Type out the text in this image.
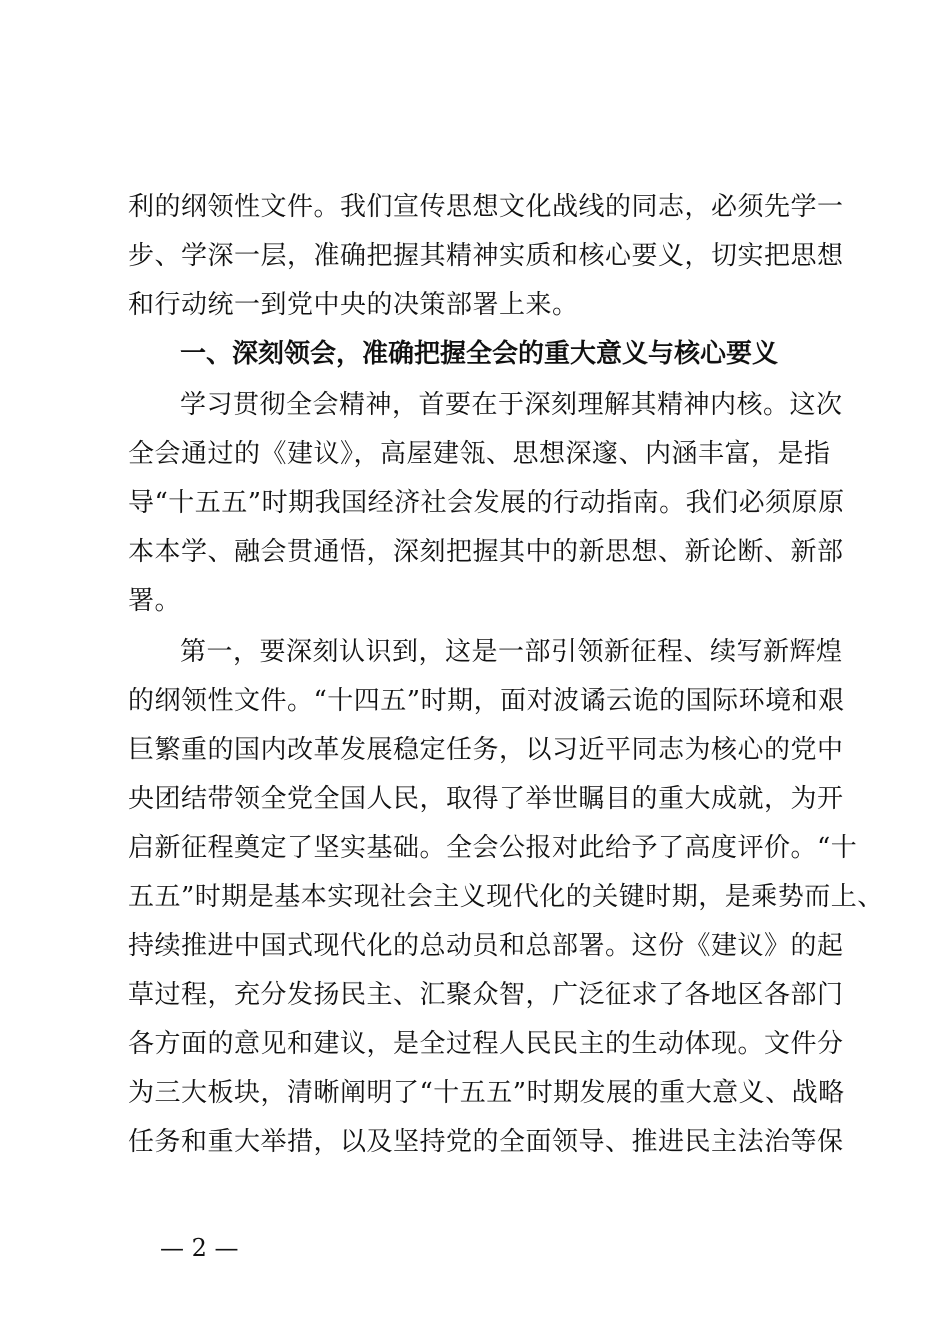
利的纲领性文件。我们宣传思想文化战线的同志，必须先学一
步、学深一层，准确把握其精神实质和核心要义，切实把思想
和行动统一到党中央的决策部署上来。
一、深刻领会，准确把握全会的重大意义与核心要义
学习贯彻全会精神，首要在于深刻理解其精神内核。这次
全会通过的《建议》，高屋建瓴、思想深邃、内涵丰富，是指
导“十五五”时期我国经济社会发展的行动指南。我们必须原原
本本学、融会贯通悟，深刻把握其中的新思想、新论断、新部
署。
第一，要深刻认识到，这是一部引领新征程、续写新辉煌
的纲领性文件。“十四五”时期，面对波谲云诡的国际环境和艰
巨繁重的国内改革发展稳定任务，以习近平同志为核心的党中
央团结带领全党全国人民，取得了举世瞩目的重大成就，为开
启新征程奠定了坚实基础。全会公报对此给予了高度评价。“十
五五”时期是基本实现社会主义现代化的关键时期，是乘势而上、
持续推进中国式现代化的总动员和总部署。这份《建议》的起
草过程，充分发扬民主、汇聚众智，广泛征求了各地区各部门
各方面的意见和建议，是全过程人民民主的生动体现。文件分
为三大板块，清晰阐明了“十五五”时期发展的重大意义、战略
任务和重大举措，以及坚持党的全面领导、推进民主法治等保
— 2 —
